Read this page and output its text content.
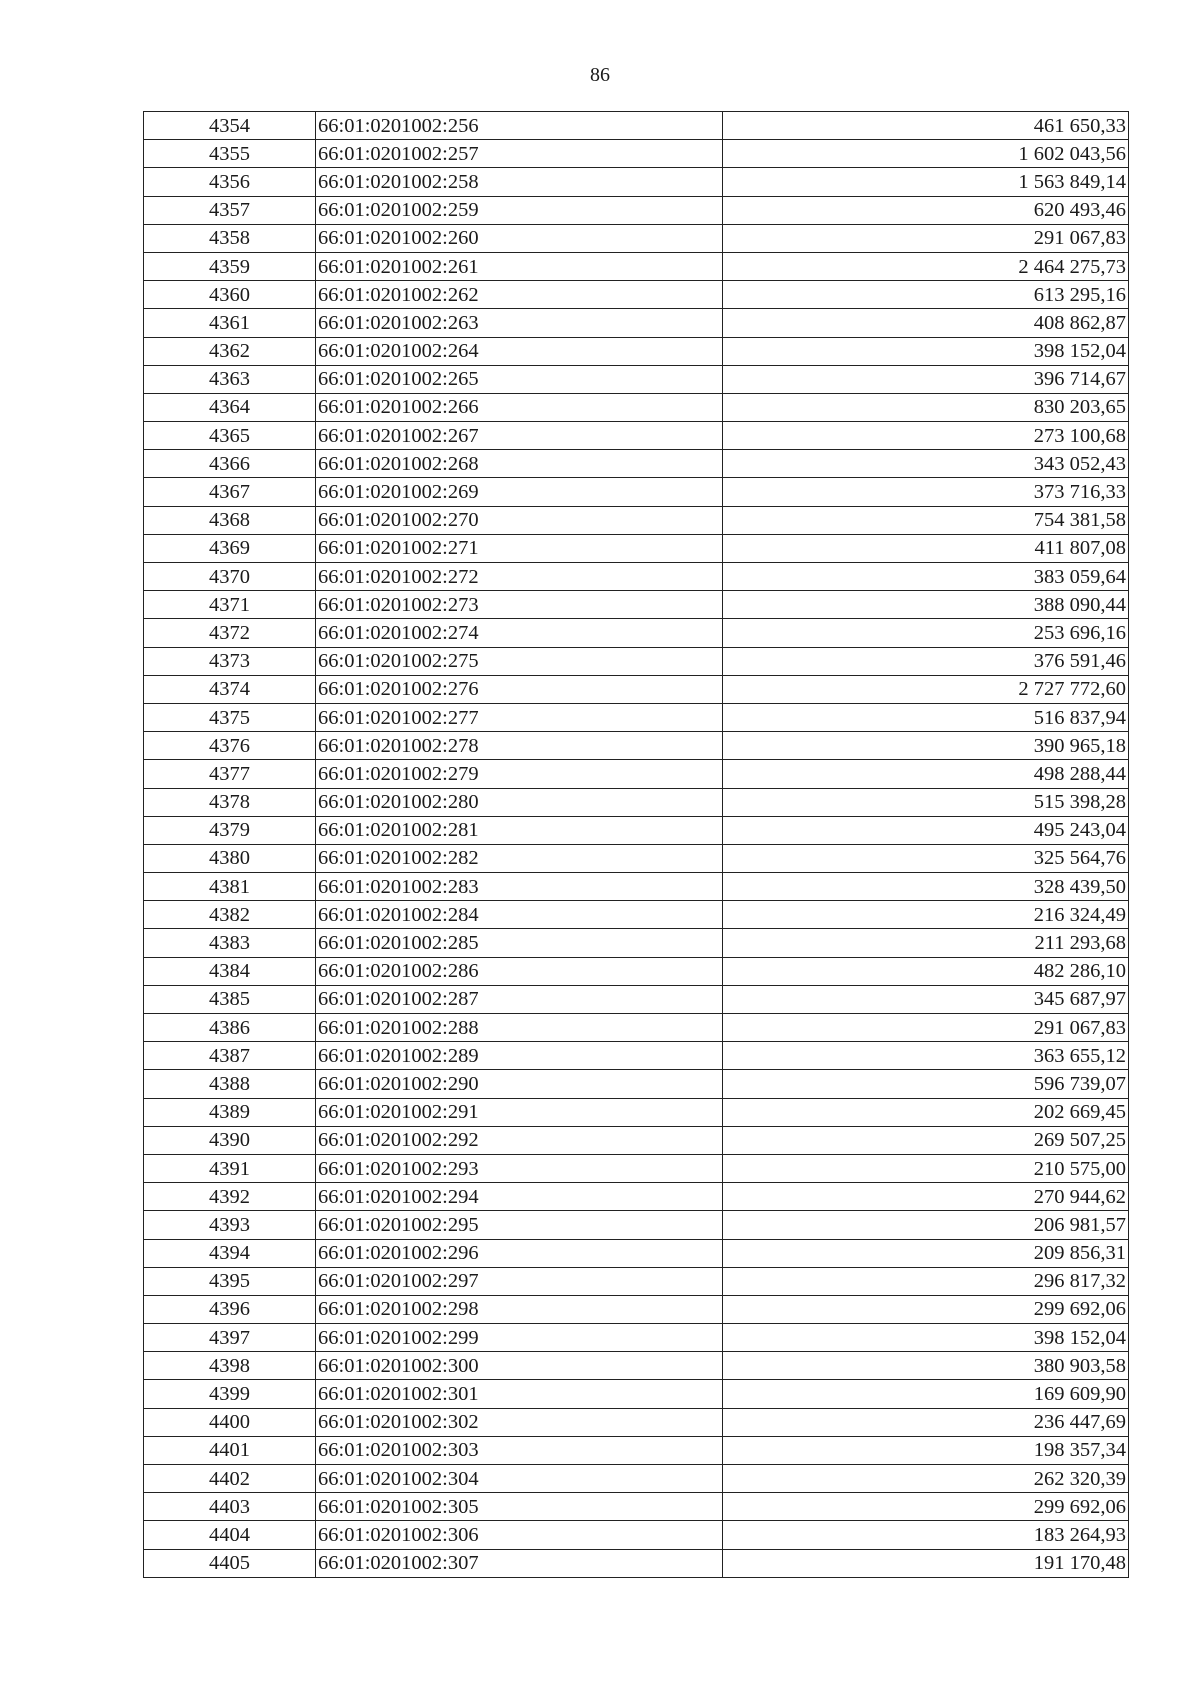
86
4354	66:01:0201002:256	461 650,33
4355	66:01:0201002:257	1 602 043,56
4356	66:01:0201002:258	1 563 849,14
4357	66:01:0201002:259	620 493,46
4358	66:01:0201002:260	291 067,83
4359	66:01:0201002:261	2 464 275,73
4360	66:01:0201002:262	613 295,16
4361	66:01:0201002:263	408 862,87
4362	66:01:0201002:264	398 152,04
4363	66:01:0201002:265	396 714,67
4364	66:01:0201002:266	830 203,65
4365	66:01:0201002:267	273 100,68
4366	66:01:0201002:268	343 052,43
4367	66:01:0201002:269	373 716,33
4368	66:01:0201002:270	754 381,58
4369	66:01:0201002:271	411 807,08
4370	66:01:0201002:272	383 059,64
4371	66:01:0201002:273	388 090,44
4372	66:01:0201002:274	253 696,16
4373	66:01:0201002:275	376 591,46
4374	66:01:0201002:276	2 727 772,60
4375	66:01:0201002:277	516 837,94
4376	66:01:0201002:278	390 965,18
4377	66:01:0201002:279	498 288,44
4378	66:01:0201002:280	515 398,28
4379	66:01:0201002:281	495 243,04
4380	66:01:0201002:282	325 564,76
4381	66:01:0201002:283	328 439,50
4382	66:01:0201002:284	216 324,49
4383	66:01:0201002:285	211 293,68
4384	66:01:0201002:286	482 286,10
4385	66:01:0201002:287	345 687,97
4386	66:01:0201002:288	291 067,83
4387	66:01:0201002:289	363 655,12
4388	66:01:0201002:290	596 739,07
4389	66:01:0201002:291	202 669,45
4390	66:01:0201002:292	269 507,25
4391	66:01:0201002:293	210 575,00
4392	66:01:0201002:294	270 944,62
4393	66:01:0201002:295	206 981,57
4394	66:01:0201002:296	209 856,31
4395	66:01:0201002:297	296 817,32
4396	66:01:0201002:298	299 692,06
4397	66:01:0201002:299	398 152,04
4398	66:01:0201002:300	380 903,58
4399	66:01:0201002:301	169 609,90
4400	66:01:0201002:302	236 447,69
4401	66:01:0201002:303	198 357,34
4402	66:01:0201002:304	262 320,39
4403	66:01:0201002:305	299 692,06
4404	66:01:0201002:306	183 264,93
4405	66:01:0201002:307	191 170,48
